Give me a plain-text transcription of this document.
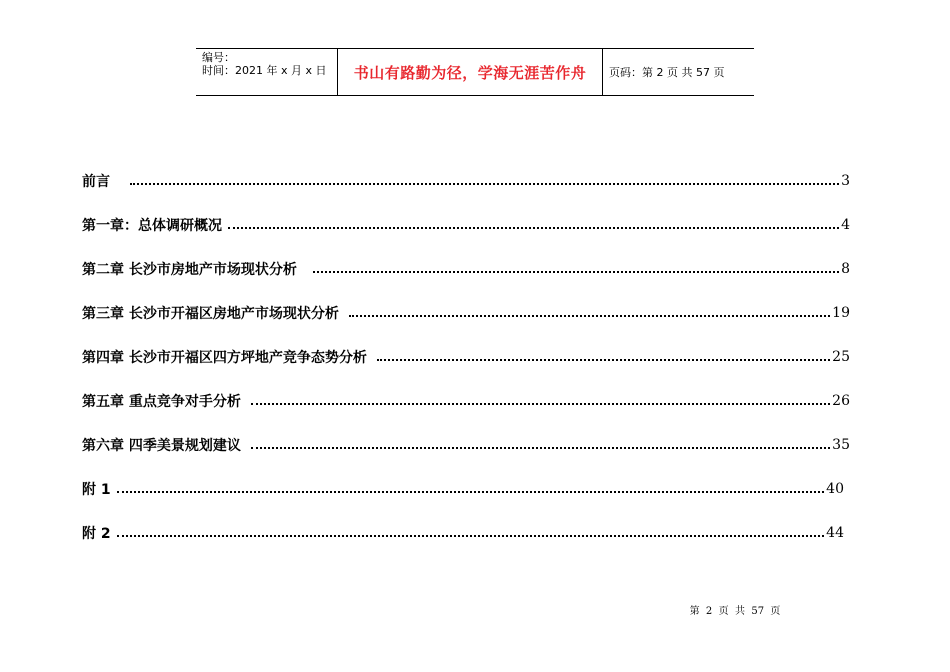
编号：
时间：2021 年 x 月 x 日	书山有路勤为径，学海无涯苦作舟	页码：第 2 页 共 57 页
前言	3
第一章：总体调研概况	4
第二章 长沙市房地产市场现状分析	8
第三章 长沙市开福区房地产市场现状分析	19
第四章 长沙市开福区四方坪地产竞争态势分析	25
第五章 重点竞争对手分析	26
第六章 四季美景规划建议	35
附 1	40
附 2	44
第  2  页  共  57  页
